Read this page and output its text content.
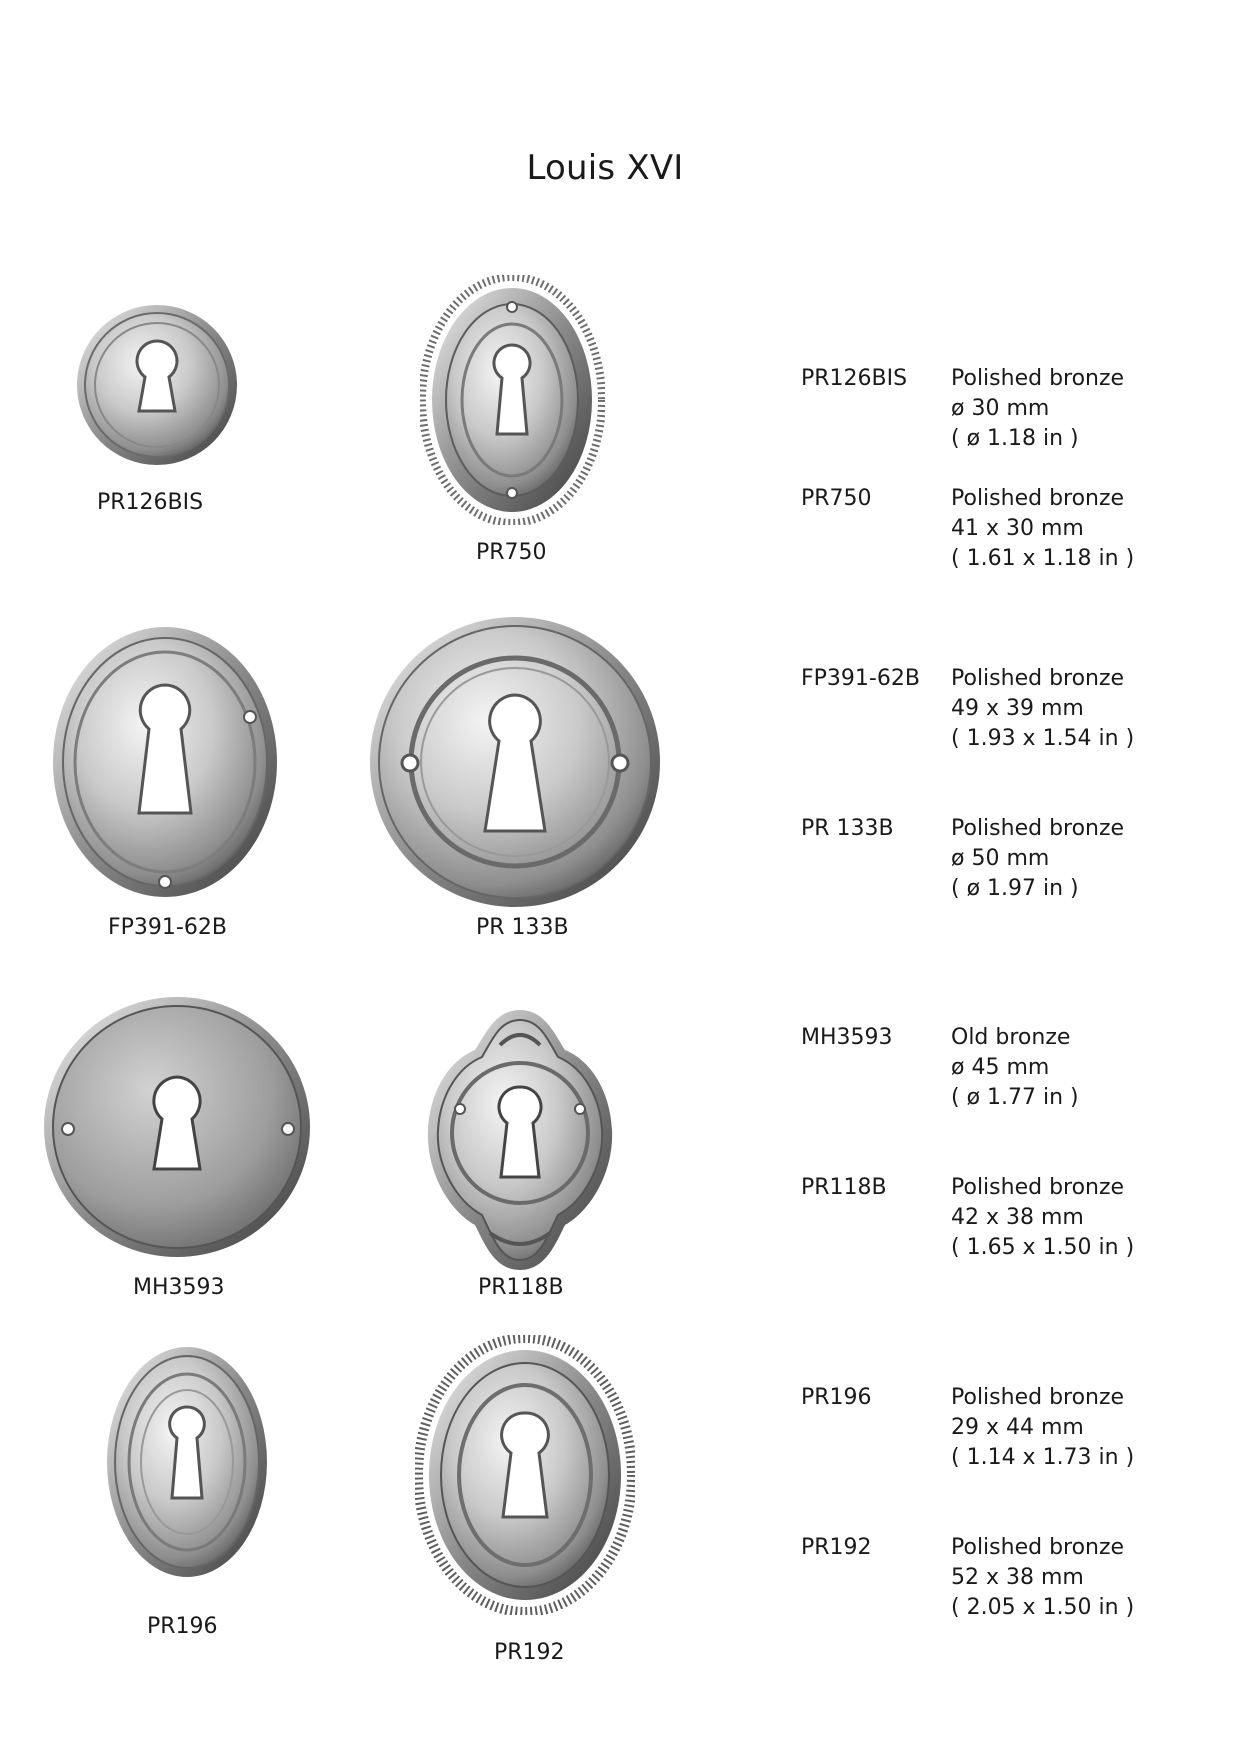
Louis XVI
PR126BIS
PR750
FP391-62B	PR 133B
MH3593	PR118B
PR196
PR192
PR126BIS Polished bronze
ø 30 mm
( ø 1.18 in )
PR750	Polished bronze
41 x 30 mm
( 1.61 x 1.18 in )
FP391-62B Polished bronze
49 x 39 mm
( 1.93 x 1.54 in )
PR 133B	Polished bronze
ø 50 mm
( ø 1.97 in )
MH3593	Old bronze
ø 45 mm
( ø 1.77 in )
PR118B	Polished bronze
42 x 38 mm
( 1.65 x 1.50 in )
PR196	Polished bronze
29 x 44 mm
( 1.14 x 1.73 in )
PR192	Polished bronze
52 x 38 mm
( 2.05 x 1.50 in )
